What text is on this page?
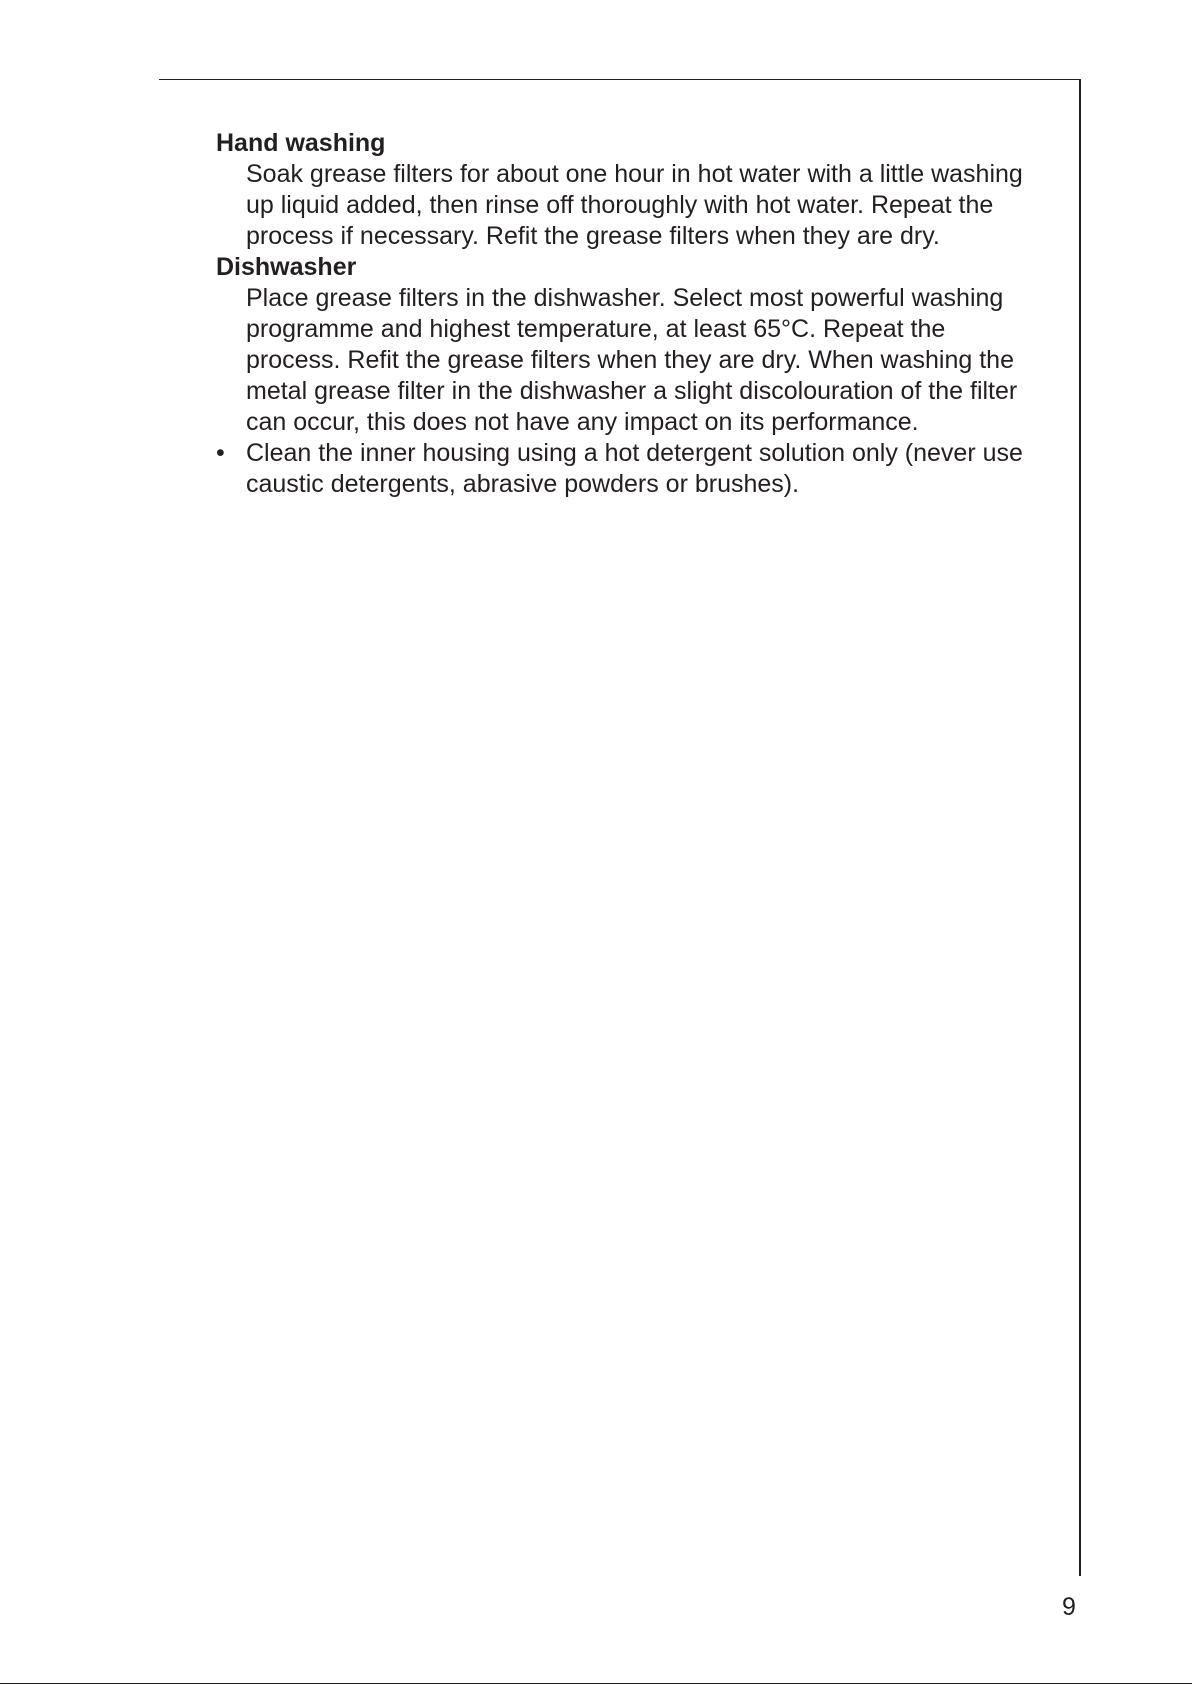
Hand washing

Soak grease filters for about one hour in hot water with a little washing up liquid added, then rinse off thoroughly with hot water. Repeat the process if necessary. Refit the grease filters when they are dry.

Dishwasher

Place grease filters in the dishwasher. Select most powerful washing programme and highest temperature, at least 65°C. Repeat the process. Refit the grease filters when they are dry. When washing the metal grease filter in the dishwasher a slight discolouration of the filter can occur, this does not have any impact on its performance.

• Clean the inner housing using a hot detergent solution only (never use caustic detergents, abrasive powders or brushes).
9
